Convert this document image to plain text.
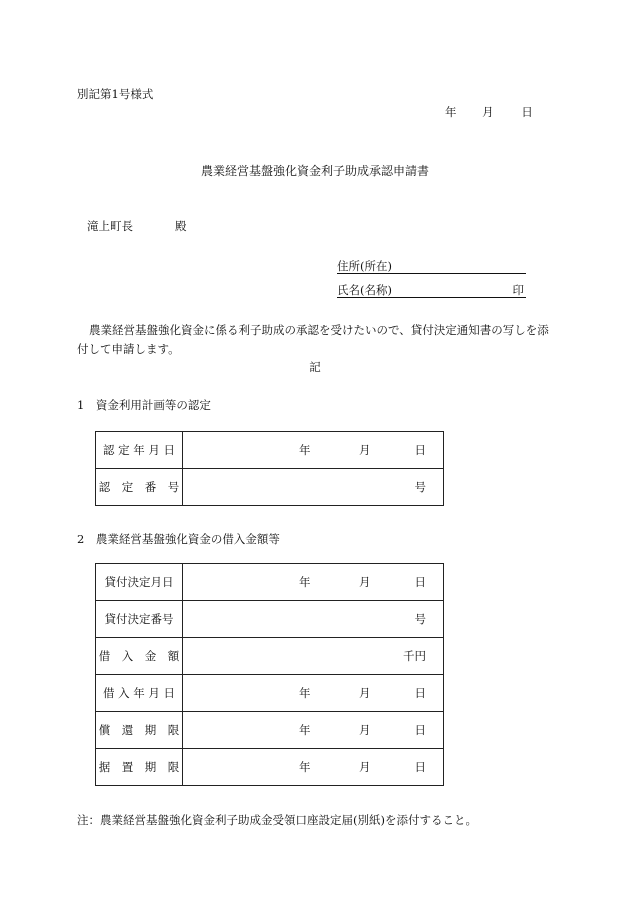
別記第1号様式
年 月 日
農業経営基盤強化資金利子助成承認申請書
滝上町長	殿
住所(所在)
氏名(名称)	印
農業経営基盤強化資金に係る利子助成の承認を受けたいので、貸付決定通知書の写しを添付して申請します。
記
1　資金利用計画等の認定
認 定 年 月 日	年 月 日

認　定　番　号	号
2　農業経営基盤強化資金の借入金額等
貸付決定月日	年 月 日

貸付決定番号	号

借　入　金　額	千円

借 入 年 月 日	年 月 日

償　還　期　限	年 月 日

据　置　期　限	年 月 日
注：農業経営基盤強化資金利子助成金受領口座設定届(別紙)を添付すること。
